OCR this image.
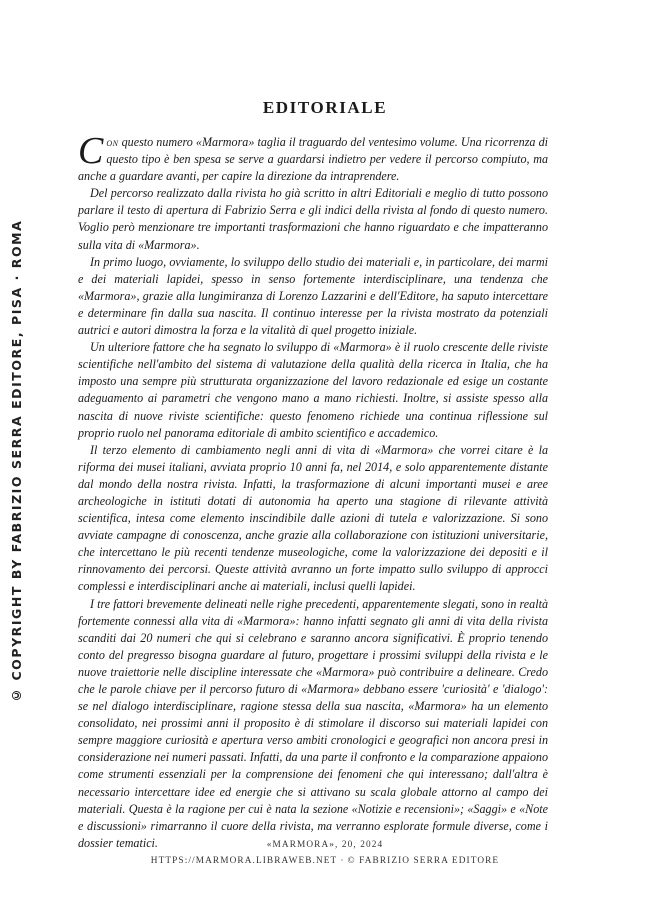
© COPYRIGHT BY FABRIZIO SERRA EDITORE, PISA · ROMA
EDITORIALE

Con questo numero «Marmora» taglia il traguardo del ventesimo volume. Una ricorrenza di questo tipo è ben spesa se serve a guardarsi indietro per vedere il percorso compiuto, ma anche a guardare avanti, per capire la direzione da intraprendere.

Del percorso realizzato dalla rivista ho già scritto in altri Editoriali e meglio di tutto possono parlare il testo di apertura di Fabrizio Serra e gli indici della rivista al fondo di questo numero. Voglio però menzionare tre importanti trasformazioni che hanno riguardato e che impatteranno sulla vita di «Marmora».

In primo luogo, ovviamente, lo sviluppo dello studio dei materiali e, in particolare, dei marmi e dei materiali lapidei, spesso in senso fortemente interdisciplinare, una tendenza che «Marmora», grazie alla lungimiranza di Lorenzo Lazzarini e dell'Editore, ha saputo intercettare e determinare fin dalla sua nascita. Il continuo interesse per la rivista mostrato da potenziali autrici e autori dimostra la forza e la vitalità di quel progetto iniziale.

Un ulteriore fattore che ha segnato lo sviluppo di «Marmora» è il ruolo crescente delle riviste scientifiche nell'ambito del sistema di valutazione della qualità della ricerca in Italia, che ha imposto una sempre più strutturata organizzazione del lavoro redazionale ed esige un costante adeguamento ai parametri che vengono mano a mano richiesti. Inoltre, si assiste spesso alla nascita di nuove riviste scientifiche: questo fenomeno richiede una continua riflessione sul proprio ruolo nel panorama editoriale di ambito scientifico e accademico.

Il terzo elemento di cambiamento negli anni di vita di «Marmora» che vorrei citare è la riforma dei musei italiani, avviata proprio 10 anni fa, nel 2014, e solo apparentemente distante dal mondo della nostra rivista. Infatti, la trasformazione di alcuni importanti musei e aree archeologiche in istituti dotati di autonomia ha aperto una stagione di rilevante attività scientifica, intesa come elemento inscindibile dalle azioni di tutela e valorizzazione. Si sono avviate campagne di conoscenza, anche grazie alla collaborazione con istituzioni universitarie, che intercettano le più recenti tendenze museologiche, come la valorizzazione dei depositi e il rinnovamento dei percorsi. Queste attività avranno un forte impatto sullo sviluppo di approcci complessi e interdisciplinari anche ai materiali, inclusi quelli lapidei.

I tre fattori brevemente delineati nelle righe precedenti, apparentemente slegati, sono in realtà fortemente connessi alla vita di «Marmora»: hanno infatti segnato gli anni di vita della rivista scanditi dai 20 numeri che qui si celebrano e saranno ancora significativi. È proprio tenendo conto del pregresso bisogna guardare al futuro, progettare i prossimi sviluppi della rivista e le nuove traiettorie nelle discipline interessate che «Marmora» può contribuire a delineare. Credo che le parole chiave per il percorso futuro di «Marmora» debbano essere 'curiosità' e 'dialogo': se nel dialogo interdisciplinare, ragione stessa della sua nascita, «Marmora» ha un elemento consolidato, nei prossimi anni il proposito è di stimolare il discorso sui materiali lapidei con sempre maggiore curiosità e apertura verso ambiti cronologici e geografici non ancora presi in considerazione nei numeri passati. Infatti, da una parte il confronto e la comparazione appaiono come strumenti essenziali per la comprensione dei fenomeni che qui interessano; dall'altra è necessario intercettare idee ed energie che si attivano su scala globale attorno al campo dei materiali. Questa è la ragione per cui è nata la sezione «Notizie e recensioni»; «Saggi» e «Note e discussioni» rimarranno il cuore della rivista, ma verranno esplorate formule diverse, come i dossier tematici.	«MARMORA», 20, 2024
HTTPS://MARMORA.LIBRAWEB.NET · © FABRIZIO SERRA EDITORE
